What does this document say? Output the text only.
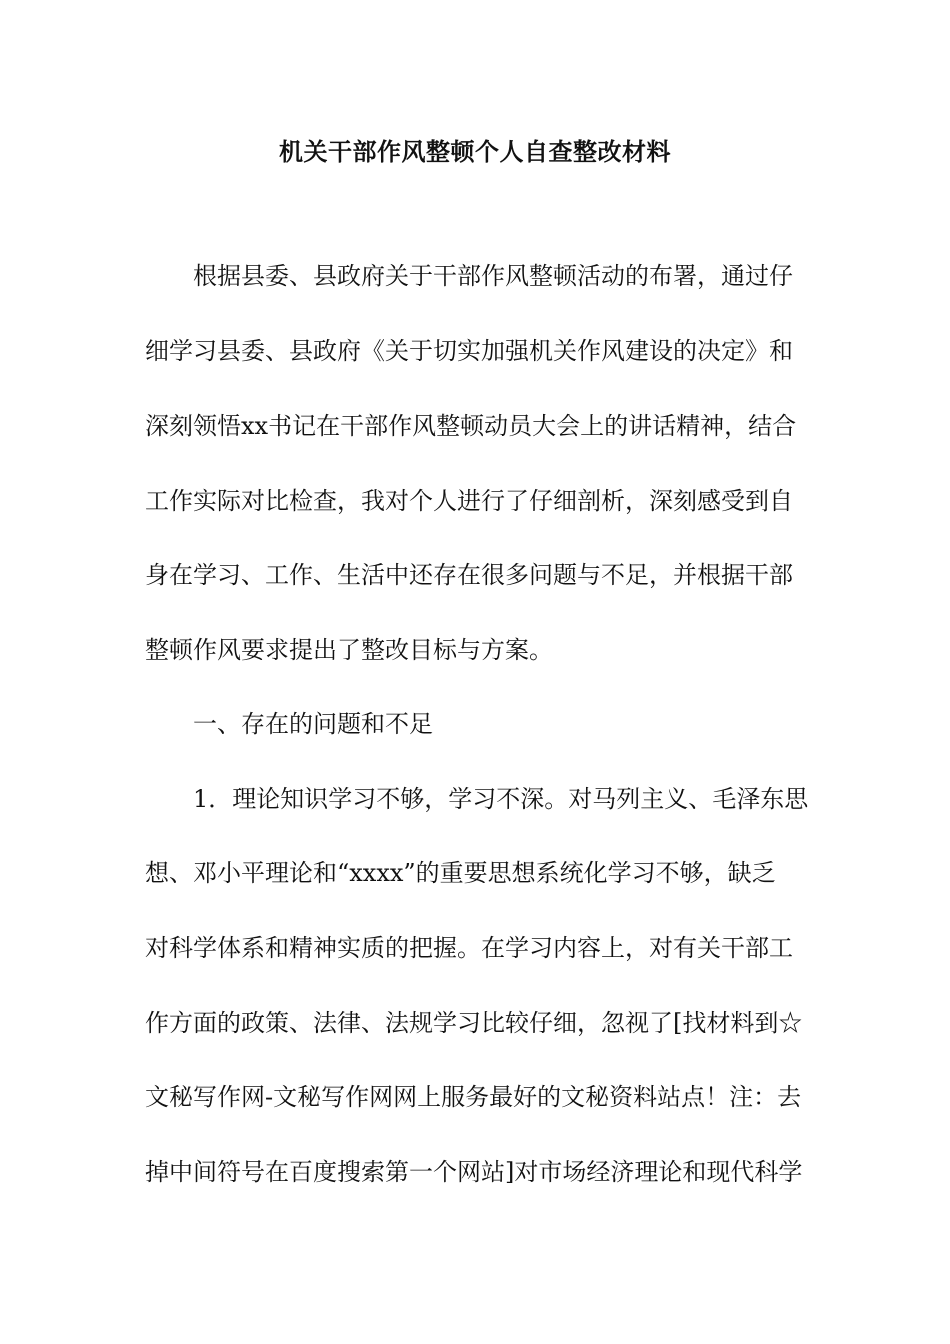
机关干部作风整顿个人自查整改材料
根据县委、县政府关于干部作风整顿活动的布署，通过仔
细学习县委、县政府《关于切实加强机关作风建设的决定》和
深刻领悟xx书记在干部作风整顿动员大会上的讲话精神，结合
工作实际对比检查，我对个人进行了仔细剖析，深刻感受到自
身在学习、工作、生活中还存在很多问题与不足，并根据干部
整顿作风要求提出了整改目标与方案。
一、存在的问题和不足
1．理论知识学习不够，学习不深。对马列主义、毛泽东思
想、邓小平理论和“xxxx”的重要思想系统化学习不够，缺乏
对科学体系和精神实质的把握。在学习内容上，对有关干部工
作方面的政策、法律、法规学习比较仔细，忽视了[找材料到☆
文秘写作网-文秘写作网网上服务最好的文秘资料站点！注：去
掉中间符号在百度搜索第一个网站]对市场经济理论和现代科学
